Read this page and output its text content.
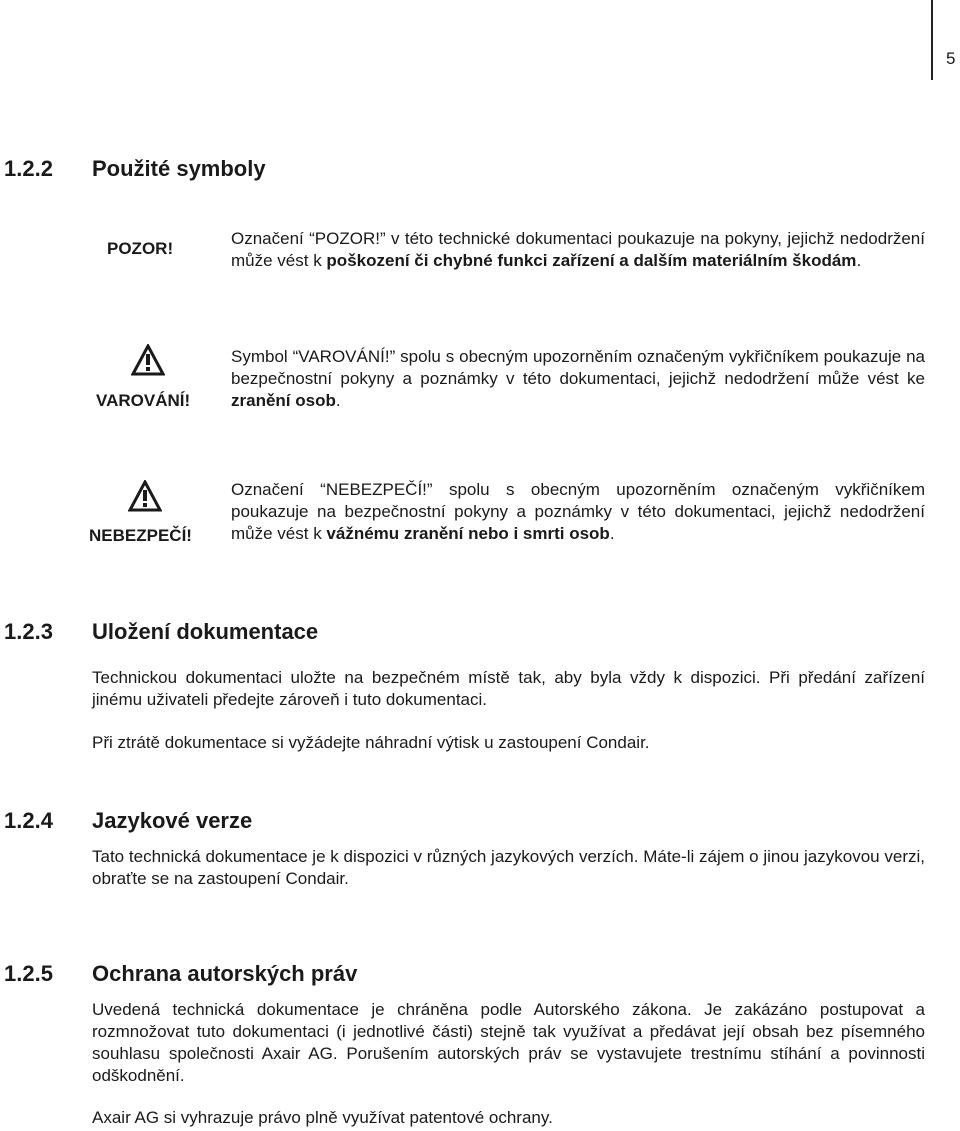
5
1.2.2 Použité symboly
POZOR!
Označení “POZOR!” v této technické dokumentaci poukazuje na pokyny, jejichž nedodržení může vést k poškození či chybné funkci zařízení a dalším materiálním škodám.
VAROVÁNÍ!
Symbol “VAROVÁNÍ!” spolu s obecným upozorněním označeným vykřičníkem poukazuje na bezpečnostní pokyny a poznámky v této dokumentaci, jejichž nedodržení může vést ke zranění osob.
NEBEZPEČÍ!
Označení “NEBEZPEČÍ!” spolu s obecným upozorněním označeným vykřičníkem poukazuje na bezpečnostní pokyny a poznámky v této dokumentaci, jejichž nedodržení může vést k vážnému zranění nebo i smrti osob.
1.2.3 Uložení dokumentace
Technickou dokumentaci uložte na bezpečném místě tak, aby byla vždy k dispozici. Při předání zařízení jinému uživateli předejte zároveň i tuto dokumentaci.
Při ztrátě dokumentace si vyžádejte náhradní výtisk u zastoupení Condair.
1.2.4 Jazykové verze
Tato technická dokumentace je k dispozici v různých jazykových verzích. Máte-li zájem o jinou jazykovou verzi, obraťte se na zastoupení Condair.
1.2.5 Ochrana autorských práv
Uvedená technická dokumentace je chráněna podle Autorského zákona. Je zakázáno postupovat a rozmnožovat tuto dokumentaci (i jednotlivé části) stejně tak využívat a předávat její obsah bez písemného souhlasu společnosti Axair AG. Porušením autorských práv se vystavujete trestnímu stíhání a povinnosti odškodnění.
Axair AG si vyhrazuje právo plně využívat patentové ochrany.
